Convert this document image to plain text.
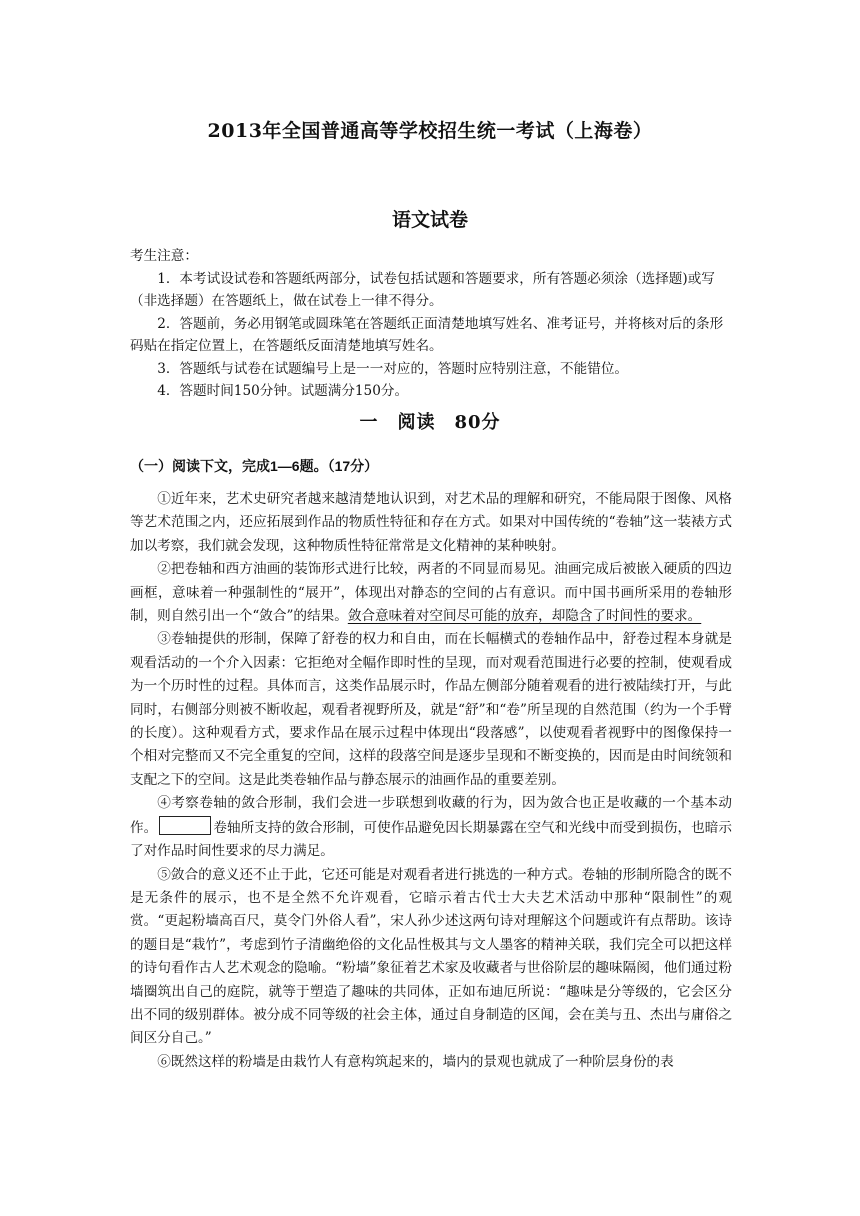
2013年全国普通高等学校招生统一考试（上海卷）
语文试卷

考生注意：

1．本考试设试卷和答题纸两部分，试卷包括试题和答题要求，所有答题必须涂（选择题)或写（非选择题）在答题纸上，做在试卷上一律不得分。

2．答题前，务必用钢笔或圆珠笔在答题纸正面清楚地填写姓名、准考证号，并将核对后的条形码贴在指定位置上，在答题纸反面清楚地填写姓名。

3．答题纸与试卷在试题编号上是一一对应的，答题时应特别注意，不能错位。

4．答题时间150分钟。试题满分150分。

一　阅读　80分
（一）阅读下文，完成1—6题。（17分）

①近年来，艺术史研究者越来越清楚地认识到，对艺术品的理解和研究，不能局限于图像、风格等艺术范围之内，还应拓展到作品的物质性特征和存在方式。如果对中国传统的“卷轴”这一装裱方式加以考察，我们就会发现，这种物质性特征常常是文化精神的某种映射。

②把卷轴和西方油画的装饰形式进行比较，两者的不同显而易见。油画完成后被嵌入硬质的四边画框，意味着一种强制性的“展开”，体现出对静态的空间的占有意识。而中国书画所采用的卷轴形制，则自然引出一个“敛合”的结果。敛合意味着对空间尽可能的放弃，却隐含了时间性的要求。

③卷轴提供的形制，保障了舒卷的权力和自由，而在长幅横式的卷轴作品中，舒卷过程本身就是观看活动的一个介入因素：它拒绝对全幅作即时性的呈现，而对观看范围进行必要的控制，使观看成为一个历时性的过程。具体而言，这类作品展示时，作品左侧部分随着观看的进行被陆续打开，与此同时，右侧部分则被不断收起，观看者视野所及，就是“舒”和“卷”所呈现的自然范围（约为一个手臂的长度）。这种观看方式，要求作品在展示过程中体现出“段落感”，以使观看者视野中的图像保持一个相对完整而又不完全重复的空间，这样的段落空间是逐步呈现和不断变换的，因而是由时间统领和支配之下的空间。这是此类卷轴作品与静态展示的油画作品的重要差别。

④考察卷轴的敛合形制，我们会进一步联想到收藏的行为，因为敛合也正是收藏的一个基本动作。	卷轴所支持的敛合形制，可使作品避免因长期暴露在空气和光线中而受到损伤，也暗示了对作品时间性要求的尽力满足。

⑤敛合的意义还不止于此，它还可能是对观看者进行挑选的一种方式。卷轴的形制所隐含的既不是无条件的展示，也不是全然不允许观看，它暗示着古代士大夫艺术活动中那种“限制性”的观赏。“更起粉墙高百尺，莫令门外俗人看”，宋人孙少述这两句诗对理解这个问题或许有点帮助。该诗的题目是“栽竹”，考虑到竹子清幽绝俗的文化品性极其与文人墨客的精神关联，我们完全可以把这样的诗句看作古人艺术观念的隐喻。“粉墙”象征着艺术家及收藏者与世俗阶层的趣味隔阂，他们通过粉墙圈筑出自己的庭院，就等于塑造了趣味的共同体，正如布迪厄所说：“趣味是分等级的，它会区分出不同的级别群体。被分成不同等级的社会主体，通过自身制造的区闻，会在美与丑、杰出与庸俗之间区分自己。”

⑥既然这样的粉墙是由栽竹人有意构筑起来的，墙内的景观也就成了一种阶层身份的表
